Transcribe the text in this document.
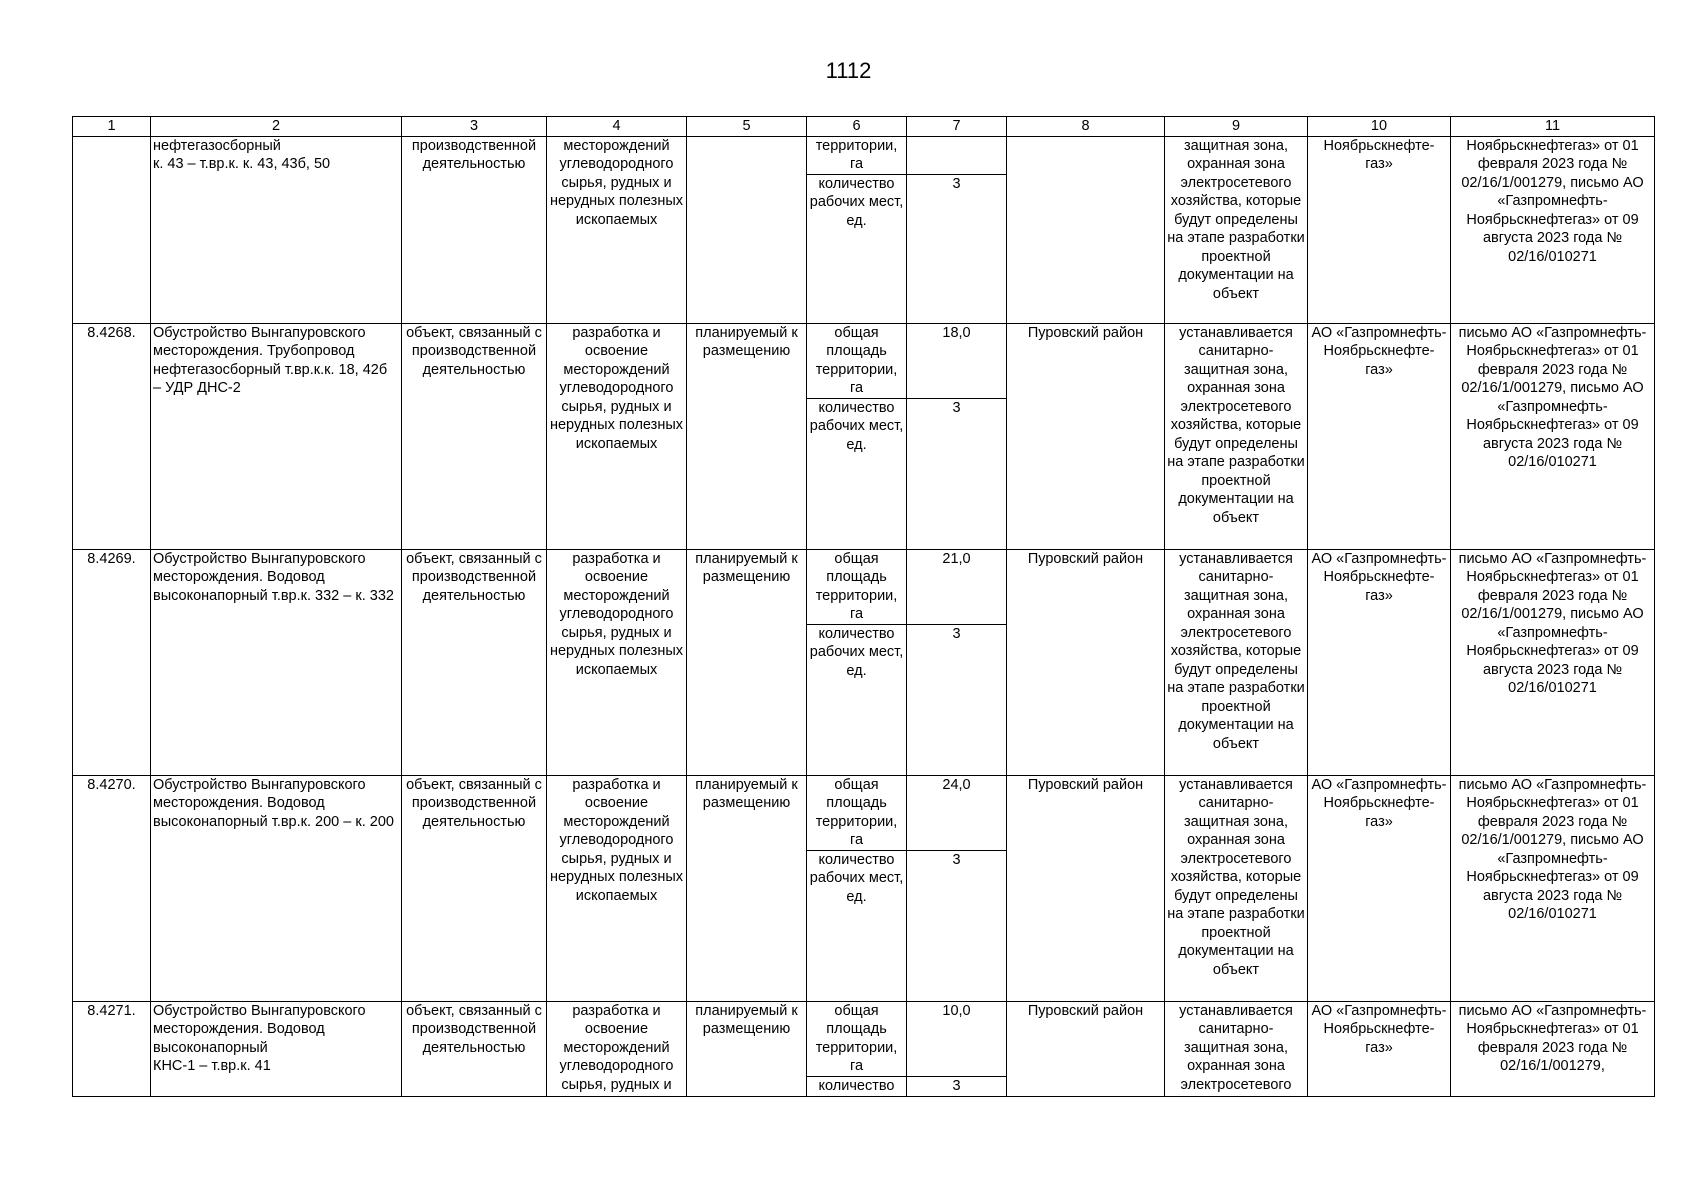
1112
1	2	3	4	5	6	7	8	9	10	11
	нефтегазосборный
к. 43 – т.вр.к. к. 43, 43б, 50	производственной деятельностью	месторождений углеводородного сырья, рудных и нерудных полезных ископаемых		территории, га			защитная зона, охранная зона электросетевого хозяйства, которые будут определены на этапе разработки проектной документации на объект	Ноябрьскнефте-газ»	Ноябрьскнефтегаз» от 01 февраля 2023 года № 02/16/1/001279, письмо АО «Газпромнефть-Ноябрьскнефтегаз» от 09 августа 2023 года № 02/16/010271
					количество рабочих мест, ед.	3				
8.4268.	Обустройство Вынгапуровского месторождения. Трубопровод нефтегазосборный т.вр.к.к. 18, 42б – УДР ДНС-2	объект, связанный с производственной деятельностью	разработка и освоение месторождений углеводородного сырья, рудных и нерудных полезных ископаемых	планируемый к размещению	общая площадь территории, га	18,0	Пуровский район	устанавливается санитарно-защитная зона, охранная зона электросетевого хозяйства, которые будут определены на этапе разработки проектной документации на объект	АО «Газпромнефть-Ноябрьскнефте-газ»	письмо АО «Газпромнефть-Ноябрьскнефтегаз» от 01 февраля 2023 года № 02/16/1/001279, письмо АО «Газпромнефть-Ноябрьскнефтегаз» от 09 августа 2023 года № 02/16/010271
					количество рабочих мест, ед.	3				
8.4269.	Обустройство Вынгапуровского месторождения. Водовод высоконапорный т.вр.к. 332 – к. 332	объект, связанный с производственной деятельностью	разработка и освоение месторождений углеводородного сырья, рудных и нерудных полезных ископаемых	планируемый к размещению	общая площадь территории, га	21,0	Пуровский район	устанавливается санитарно-защитная зона, охранная зона электросетевого хозяйства, которые будут определены на этапе разработки проектной документации на объект	АО «Газпромнефть-Ноябрьскнефте-газ»	письмо АО «Газпромнефть-Ноябрьскнефтегаз» от 01 февраля 2023 года № 02/16/1/001279, письмо АО «Газпромнефть-Ноябрьскнефтегаз» от 09 августа 2023 года № 02/16/010271
					количество рабочих мест, ед.	3				
8.4270.	Обустройство Вынгапуровского месторождения. Водовод высоконапорный т.вр.к. 200 – к. 200	объект, связанный с производственной деятельностью	разработка и освоение месторождений углеводородного сырья, рудных и нерудных полезных ископаемых	планируемый к размещению	общая площадь территории, га	24,0	Пуровский район	устанавливается санитарно-защитная зона, охранная зона электросетевого хозяйства, которые будут определены на этапе разработки проектной документации на объект	АО «Газпромнефть-Ноябрьскнефте-газ»	письмо АО «Газпромнефть-Ноябрьскнефтегаз» от 01 февраля 2023 года № 02/16/1/001279, письмо АО «Газпромнефть-Ноябрьскнефтегаз» от 09 августа 2023 года № 02/16/010271
					количество рабочих мест, ед.	3				
8.4271.	Обустройство Вынгапуровского месторождения. Водовод высоконапорный
КНС-1 – т.вр.к. 41	объект, связанный с производственной деятельностью	разработка и освоение месторождений углеводородного сырья, рудных и	планируемый к размещению	общая площадь территории, га	10,0	Пуровский район	устанавливается санитарно-защитная зона, охранная зона электросетевого	АО «Газпромнефть-Ноябрьскнефте-газ»	письмо АО «Газпромнефть-Ноябрьскнефтегаз» от 01 февраля 2023 года № 02/16/1/001279,
					количество	3				
